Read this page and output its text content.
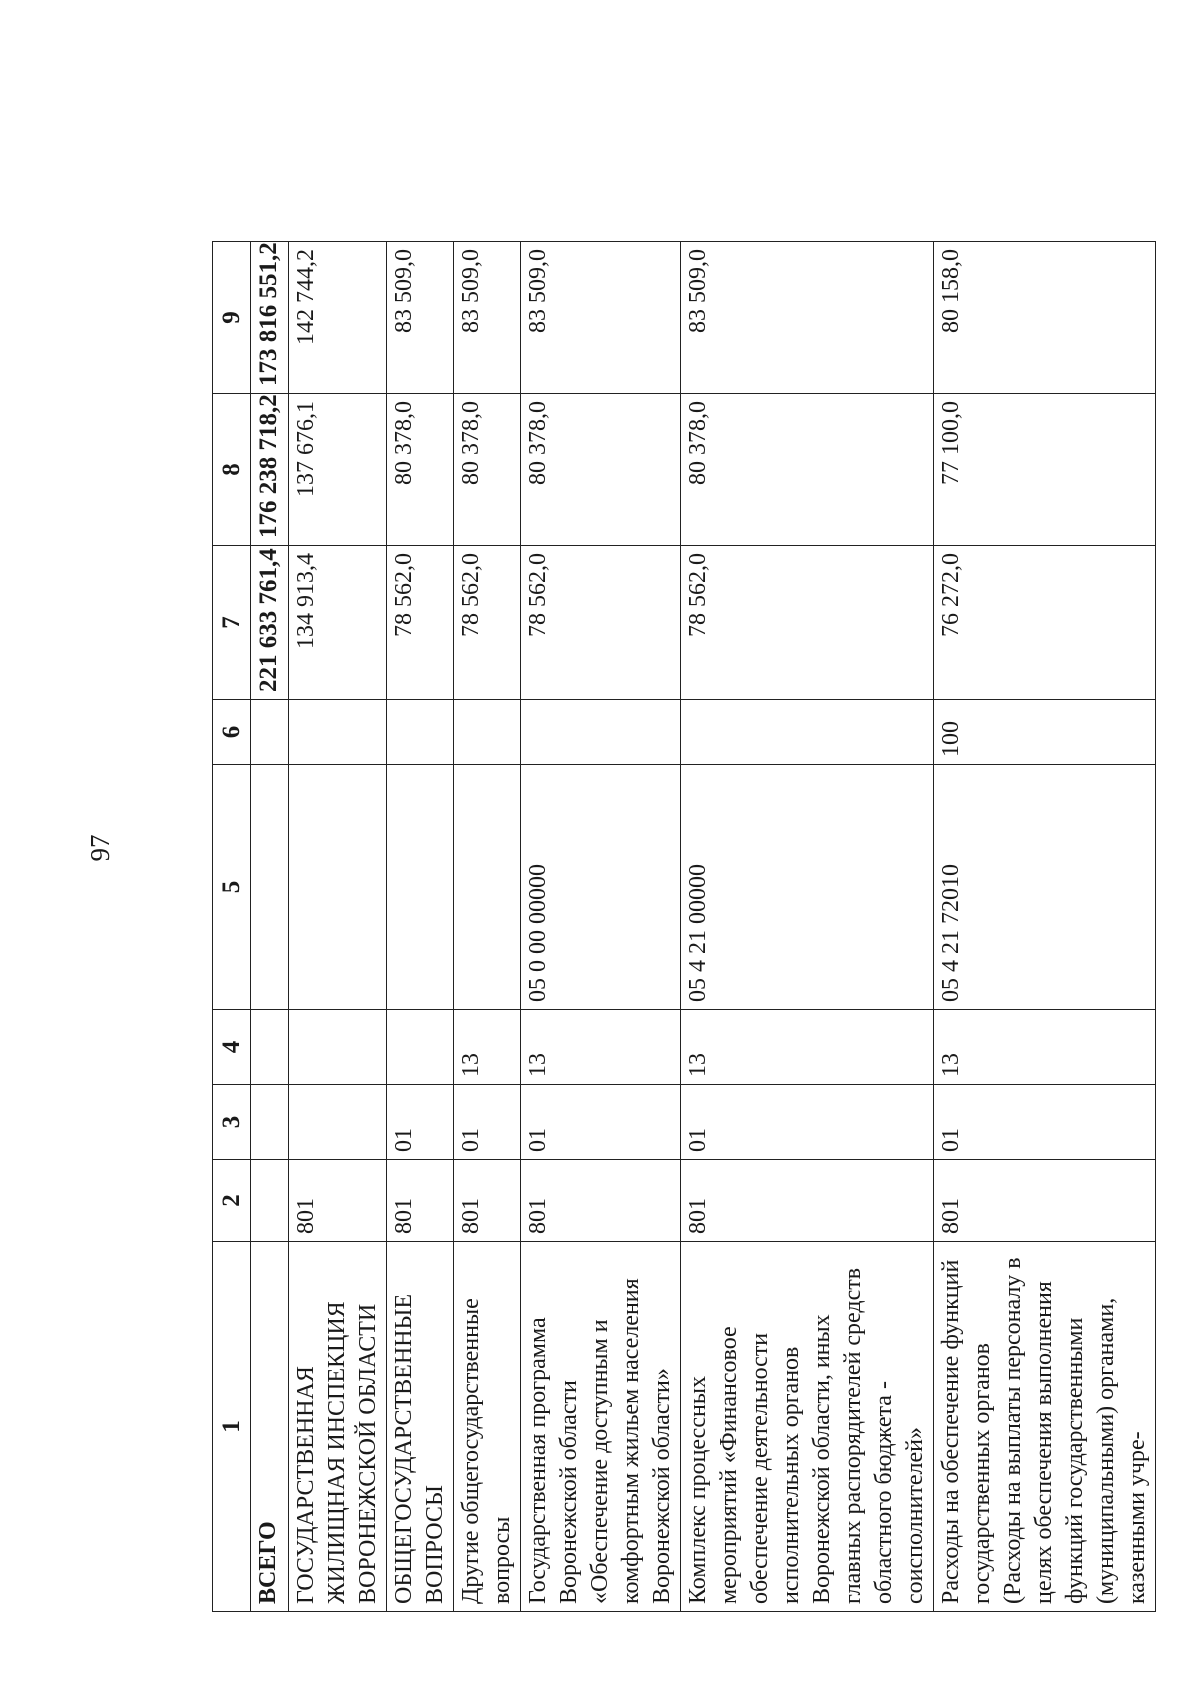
97
1	2	3	4	5	6	7	8	9
ВСЕГО						221 633 761,4	176 238 718,2	173 816 551,2
ГОСУДАРСТВЕННАЯ ЖИЛИЩНАЯ ИНСПЕКЦИЯ ВОРОНЕЖСКОЙ ОБЛАСТИ	801					134 913,4	137 676,1	142 744,2
ОБЩЕГОСУДАРСТВЕННЫЕ ВОПРОСЫ	801	01				78 562,0	80 378,0	83 509,0
Другие общегосударственные вопросы	801	01	13			78 562,0	80 378,0	83 509,0
Государственная программа Воронежской области «Обеспечение доступным и комфортным жильем населения Воронежской области»	801	01	13	05 0 00 00000		78 562,0	80 378,0	83 509,0
Комплекс процессных мероприятий «Финансовое обеспечение деятельности исполнительных органов Воронежской области, иных главных распорядителей средств областного бюджета - соисполнителей»	801	01	13	05 4 21 00000		78 562,0	80 378,0	83 509,0
Расходы на обеспечение функций государственных органов (Расходы на выплаты персоналу в целях обеспечения выполнения функций государственными (муниципальными) органами, казенными учре-	801	01	13	05 4 21 72010	100	76 272,0	77 100,0	80 158,0
